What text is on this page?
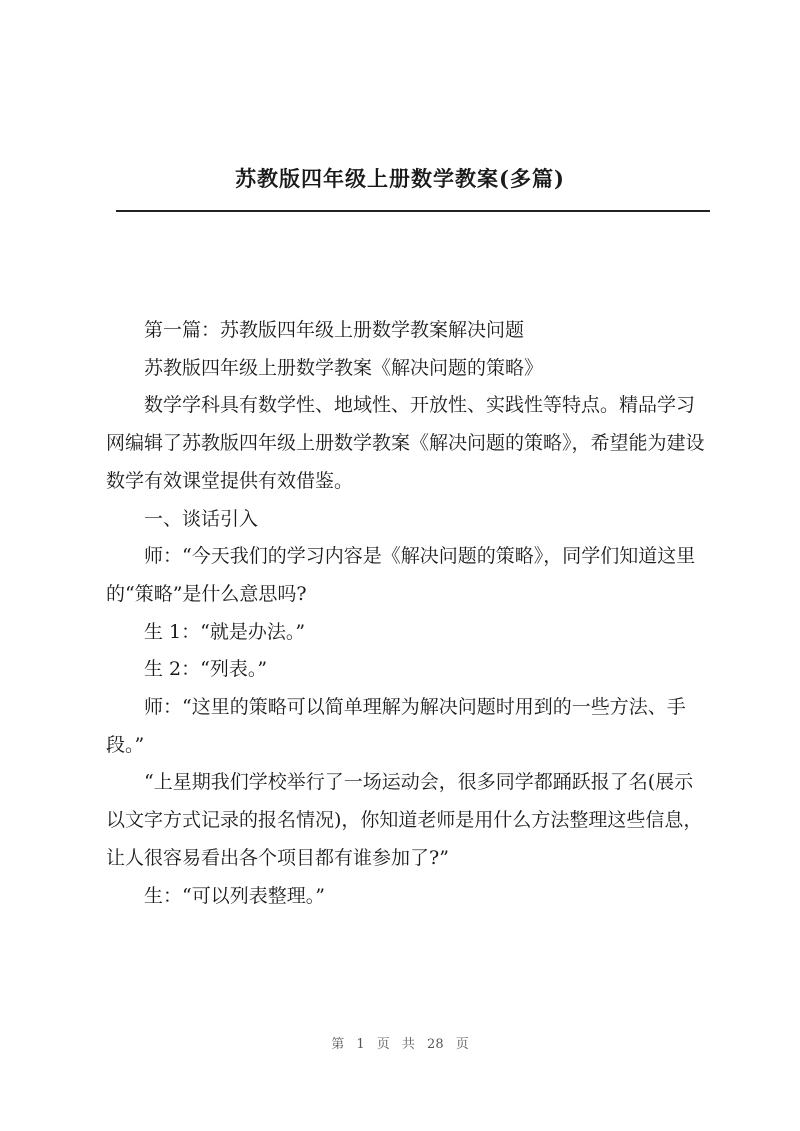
苏教版四年级上册数学教案(多篇)

第一篇：苏教版四年级上册数学教案解决问题

苏教版四年级上册数学教案《解决问题的策略》

数学学科具有数学性、地域性、开放性、实践性等特点。精品学习网编辑了苏教版四年级上册数学教案《解决问题的策略》，希望能为建设数学有效课堂提供有效借鉴。

一、谈话引入

师：“今天我们的学习内容是《解决问题的策略》，同学们知道这里的“策略”是什么意思吗?

生 1：“就是办法。”

生 2：“列表。”

师：“这里的策略可以简单理解为解决问题时用到的一些方法、手段。”

“上星期我们学校举行了一场运动会，很多同学都踊跃报了名(展示以文字方式记录的报名情况)，你知道老师是用什么方法整理这些信息，让人很容易看出各个项目都有谁参加了?”

生：“可以列表整理。”

第 1 页 共 28 页
